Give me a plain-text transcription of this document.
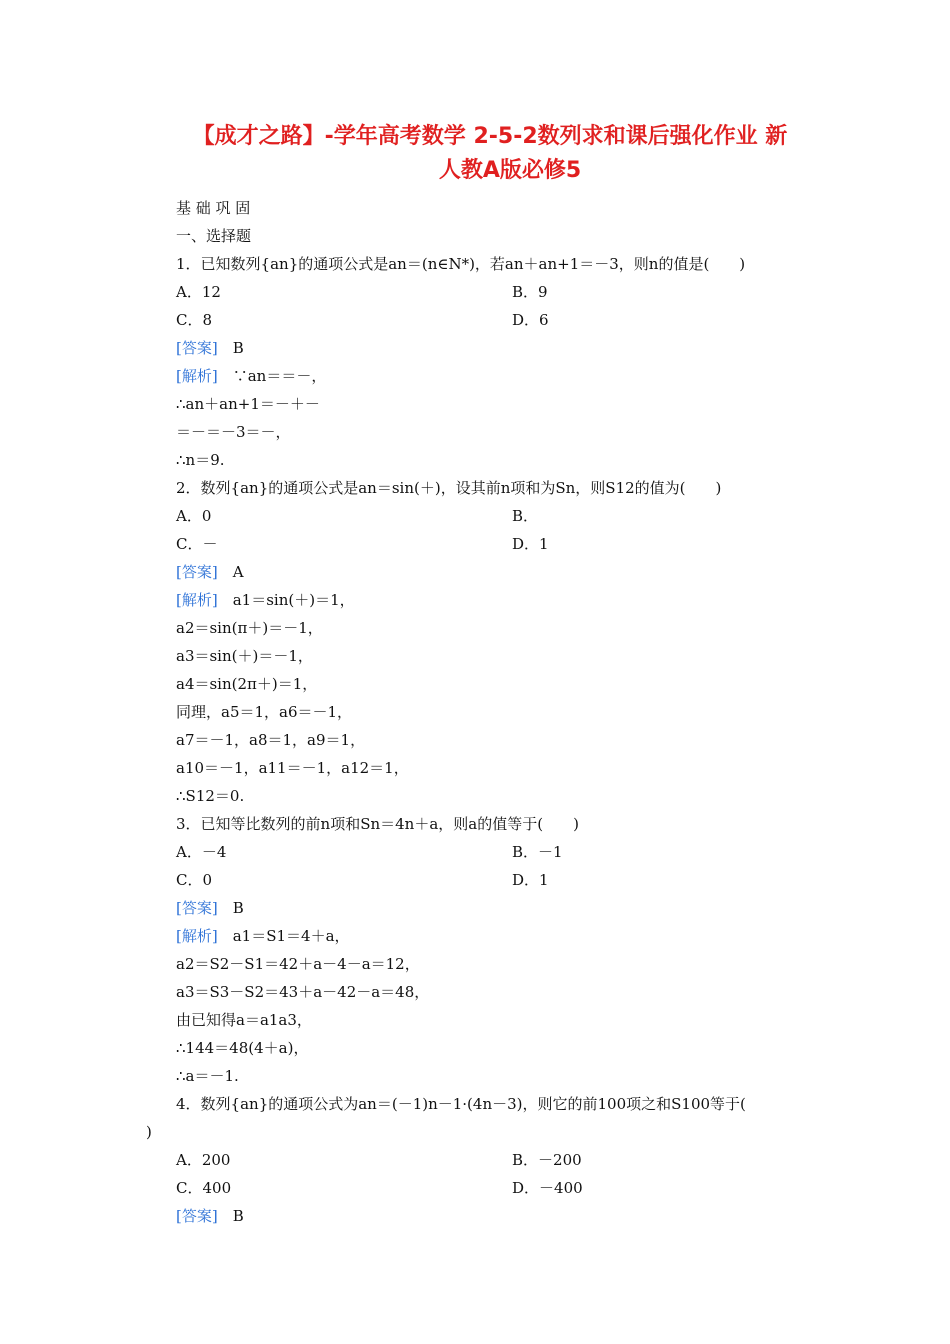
【成才之路】-学年高考数学 2-5-2数列求和课后强化作业 新
人教A版必修5
基 础 巩 固
一、选择题
1．已知数列{an}的通项公式是an＝(n∈N*)，若an＋an+1＝－3，则n的值是(　　)
A．12	B．9
C．8	D．6
[答案]　B
[解析]　∵an＝＝－，
∴an＋an+1＝－＋－
＝－＝－3＝－，
∴n＝9.
2．数列{an}的通项公式是an＝sin(＋)，设其前n项和为Sn，则S12的值为(　　)
A．0	B．
C．－	D．1
[答案]　A
[解析]　a1＝sin(＋)＝1，
a2＝sin(π＋)＝－1，
a3＝sin(＋)＝－1，
a4＝sin(2π＋)＝1，
同理，a5＝1，a6＝－1，
a7＝－1，a8＝1，a9＝1，
a10＝－1，a11＝－1，a12＝1，
∴S12＝0.
3．已知等比数列的前n项和Sn＝4n＋a，则a的值等于(　　)
A．－4	B．－1
C．0	D．1
[答案]　B
[解析]　a1＝S1＝4＋a，
a2＝S2－S1＝42＋a－4－a＝12，
a3＝S3－S2＝43＋a－42－a＝48，
由已知得a＝a1a3，
∴144＝48(4＋a)，
∴a＝－1.
4．数列{an}的通项公式为an＝(－1)n－1·(4n－3)，则它的前100项之和S100等于(
)
A．200	B．－200
C．400	D．－400
[答案]　B
